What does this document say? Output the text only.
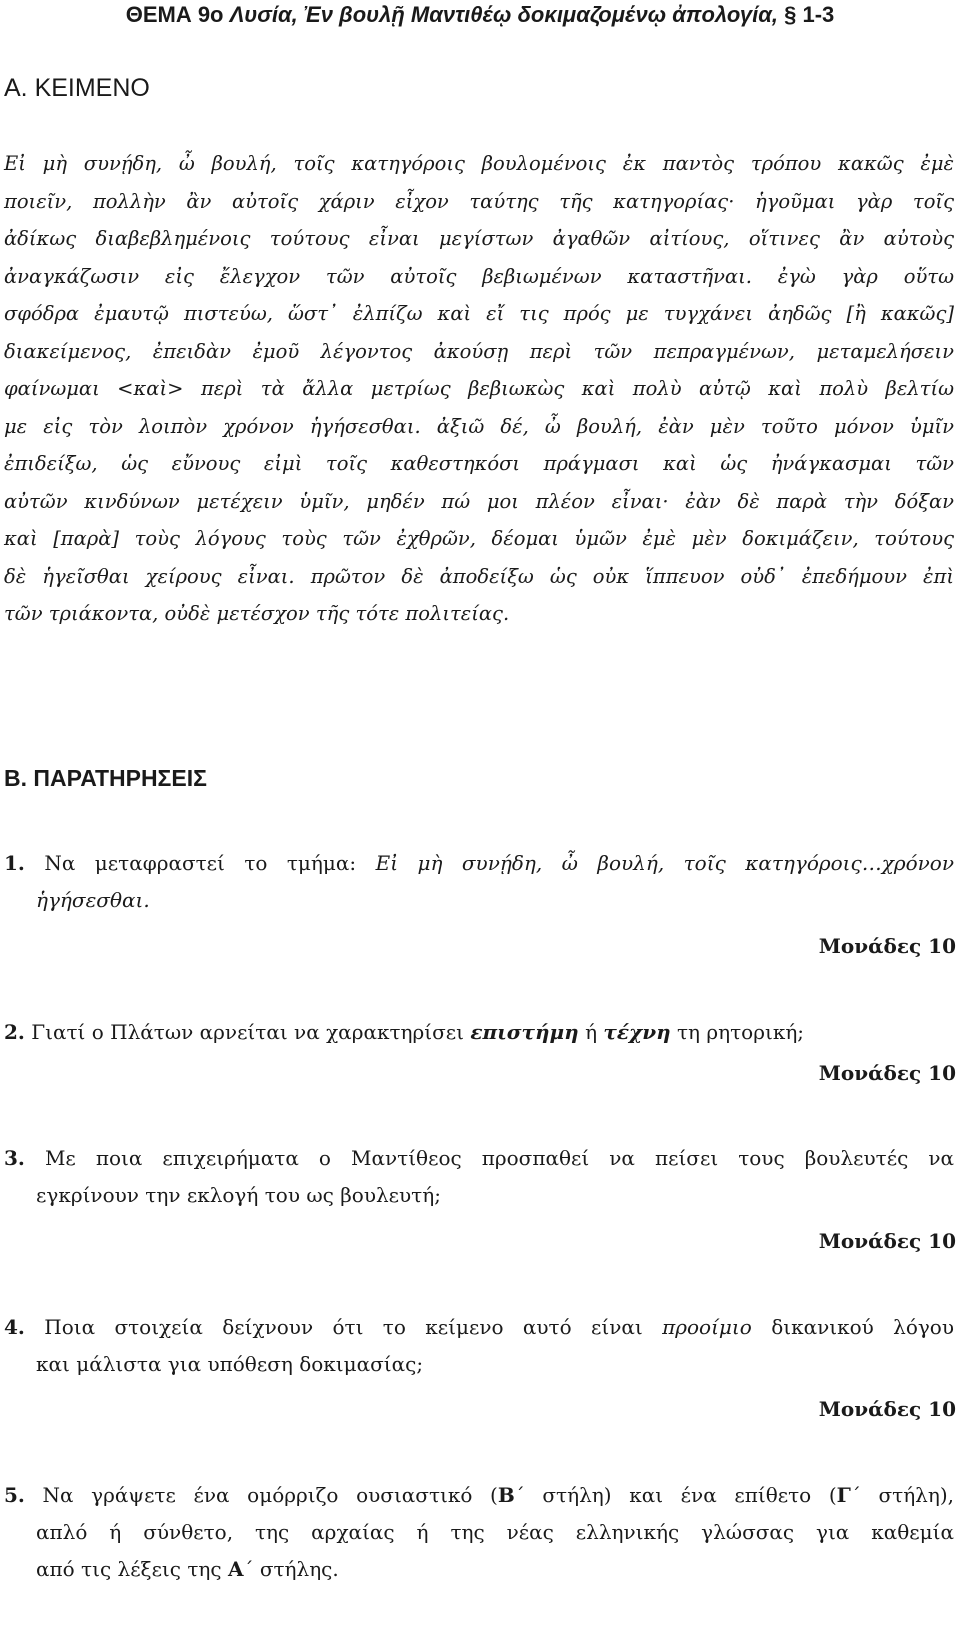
ΘΕΜΑ 9ο Λυσία, Ἐν βουλῇ Μαντιθέῳ δοκιμαζομένῳ ἀπολογία, § 1-3
Α. ΚΕΙΜΕΝΟ
Εἰ μὴ συνῄδη, ὦ βουλή, τοῖς κατηγόροις βουλομένοις ἐκ παντὸς τρόπου κακῶς ἐμὲ
ποιεῖν, πολλὴν ἂν αὐτοῖς χάριν εἶχον ταύτης τῆς κατηγορίας· ἡγοῦμαι γὰρ τοῖς
ἀδίκως διαβεβλημένοις τούτους εἶναι μεγίστων ἀγαθῶν αἰτίους, οἵτινες ἂν αὐτοὺς
ἀναγκάζωσιν εἰς ἔλεγχον τῶν αὐτοῖς βεβιωμένων καταστῆναι. ἐγὼ γὰρ οὕτω
σφόδρα ἐμαυτῷ πιστεύω, ὥστ᾽ ἐλπίζω καὶ εἴ τις πρός με τυγχάνει ἀηδῶς [ἢ κακῶς]
διακείμενος, ἐπειδὰν ἐμοῦ λέγοντος ἀκούσῃ περὶ τῶν πεπραγμένων, μεταμελήσειν
φαίνωμαι <καὶ> περὶ τὰ ἄλλα μετρίως βεβιωκὼς καὶ πολὺ αὐτῷ καὶ πολὺ βελτίω
με εἰς τὸν λοιπὸν χρόνον ἡγήσεσθαι. ἀξιῶ δέ, ὦ βουλή, ἐὰν μὲν τοῦτο μόνον ὑμῖν
ἐπιδείξω, ὡς εὔνους εἰμὶ τοῖς καθεστηκόσι πράγμασι καὶ ὡς ἠνάγκασμαι τῶν
αὐτῶν κινδύνων μετέχειν ὑμῖν, μηδέν πώ μοι πλέον εἶναι· ἐὰν δὲ παρὰ τὴν δόξαν
καὶ [παρὰ] τοὺς λόγους τοὺς τῶν ἐχθρῶν, δέομαι ὑμῶν ἐμὲ μὲν δοκιμάζειν, τούτους
δὲ ἡγεῖσθαι χείρους εἶναι. πρῶτον δὲ ἀποδείξω ὡς οὐκ ἵππευον οὐδ᾽ ἐπεδήμουν ἐπὶ
τῶν τριάκοντα, οὐδὲ μετέσχον τῆς τότε πολιτείας.
Β. ΠΑΡΑΤΗΡΗΣΕΙΣ
1. Να μεταφραστεί το τμήμα: Εἰ μὴ συνῄδη, ὦ βουλή, τοῖς κατηγόροις…χρόνον
ἡγήσεσθαι.
Μονάδες 10
2. Γιατί ο Πλάτων αρνείται να χαρακτηρίσει επιστήμη ή τέχνη τη ρητορική;
Μονάδες 10
3. Με ποια επιχειρήματα ο Μαντίθεος προσπαθεί να πείσει τους βουλευτές να
εγκρίνουν την εκλογή του ως βουλευτή;
Μονάδες 10
4. Ποια στοιχεία δείχνουν ότι το κείμενο αυτό είναι προοίμιο δικανικού λόγου
και μάλιστα για υπόθεση δοκιμασίας;
Μονάδες 10
5. Να γράψετε ένα ομόρριζο ουσιαστικό (Β΄ στήλη) και ένα επίθετο (Γ΄ στήλη),
απλό ή σύνθετο, της αρχαίας ή της νέας ελληνικής γλώσσας για καθεμία
από τις λέξεις της Α΄ στήλης.
